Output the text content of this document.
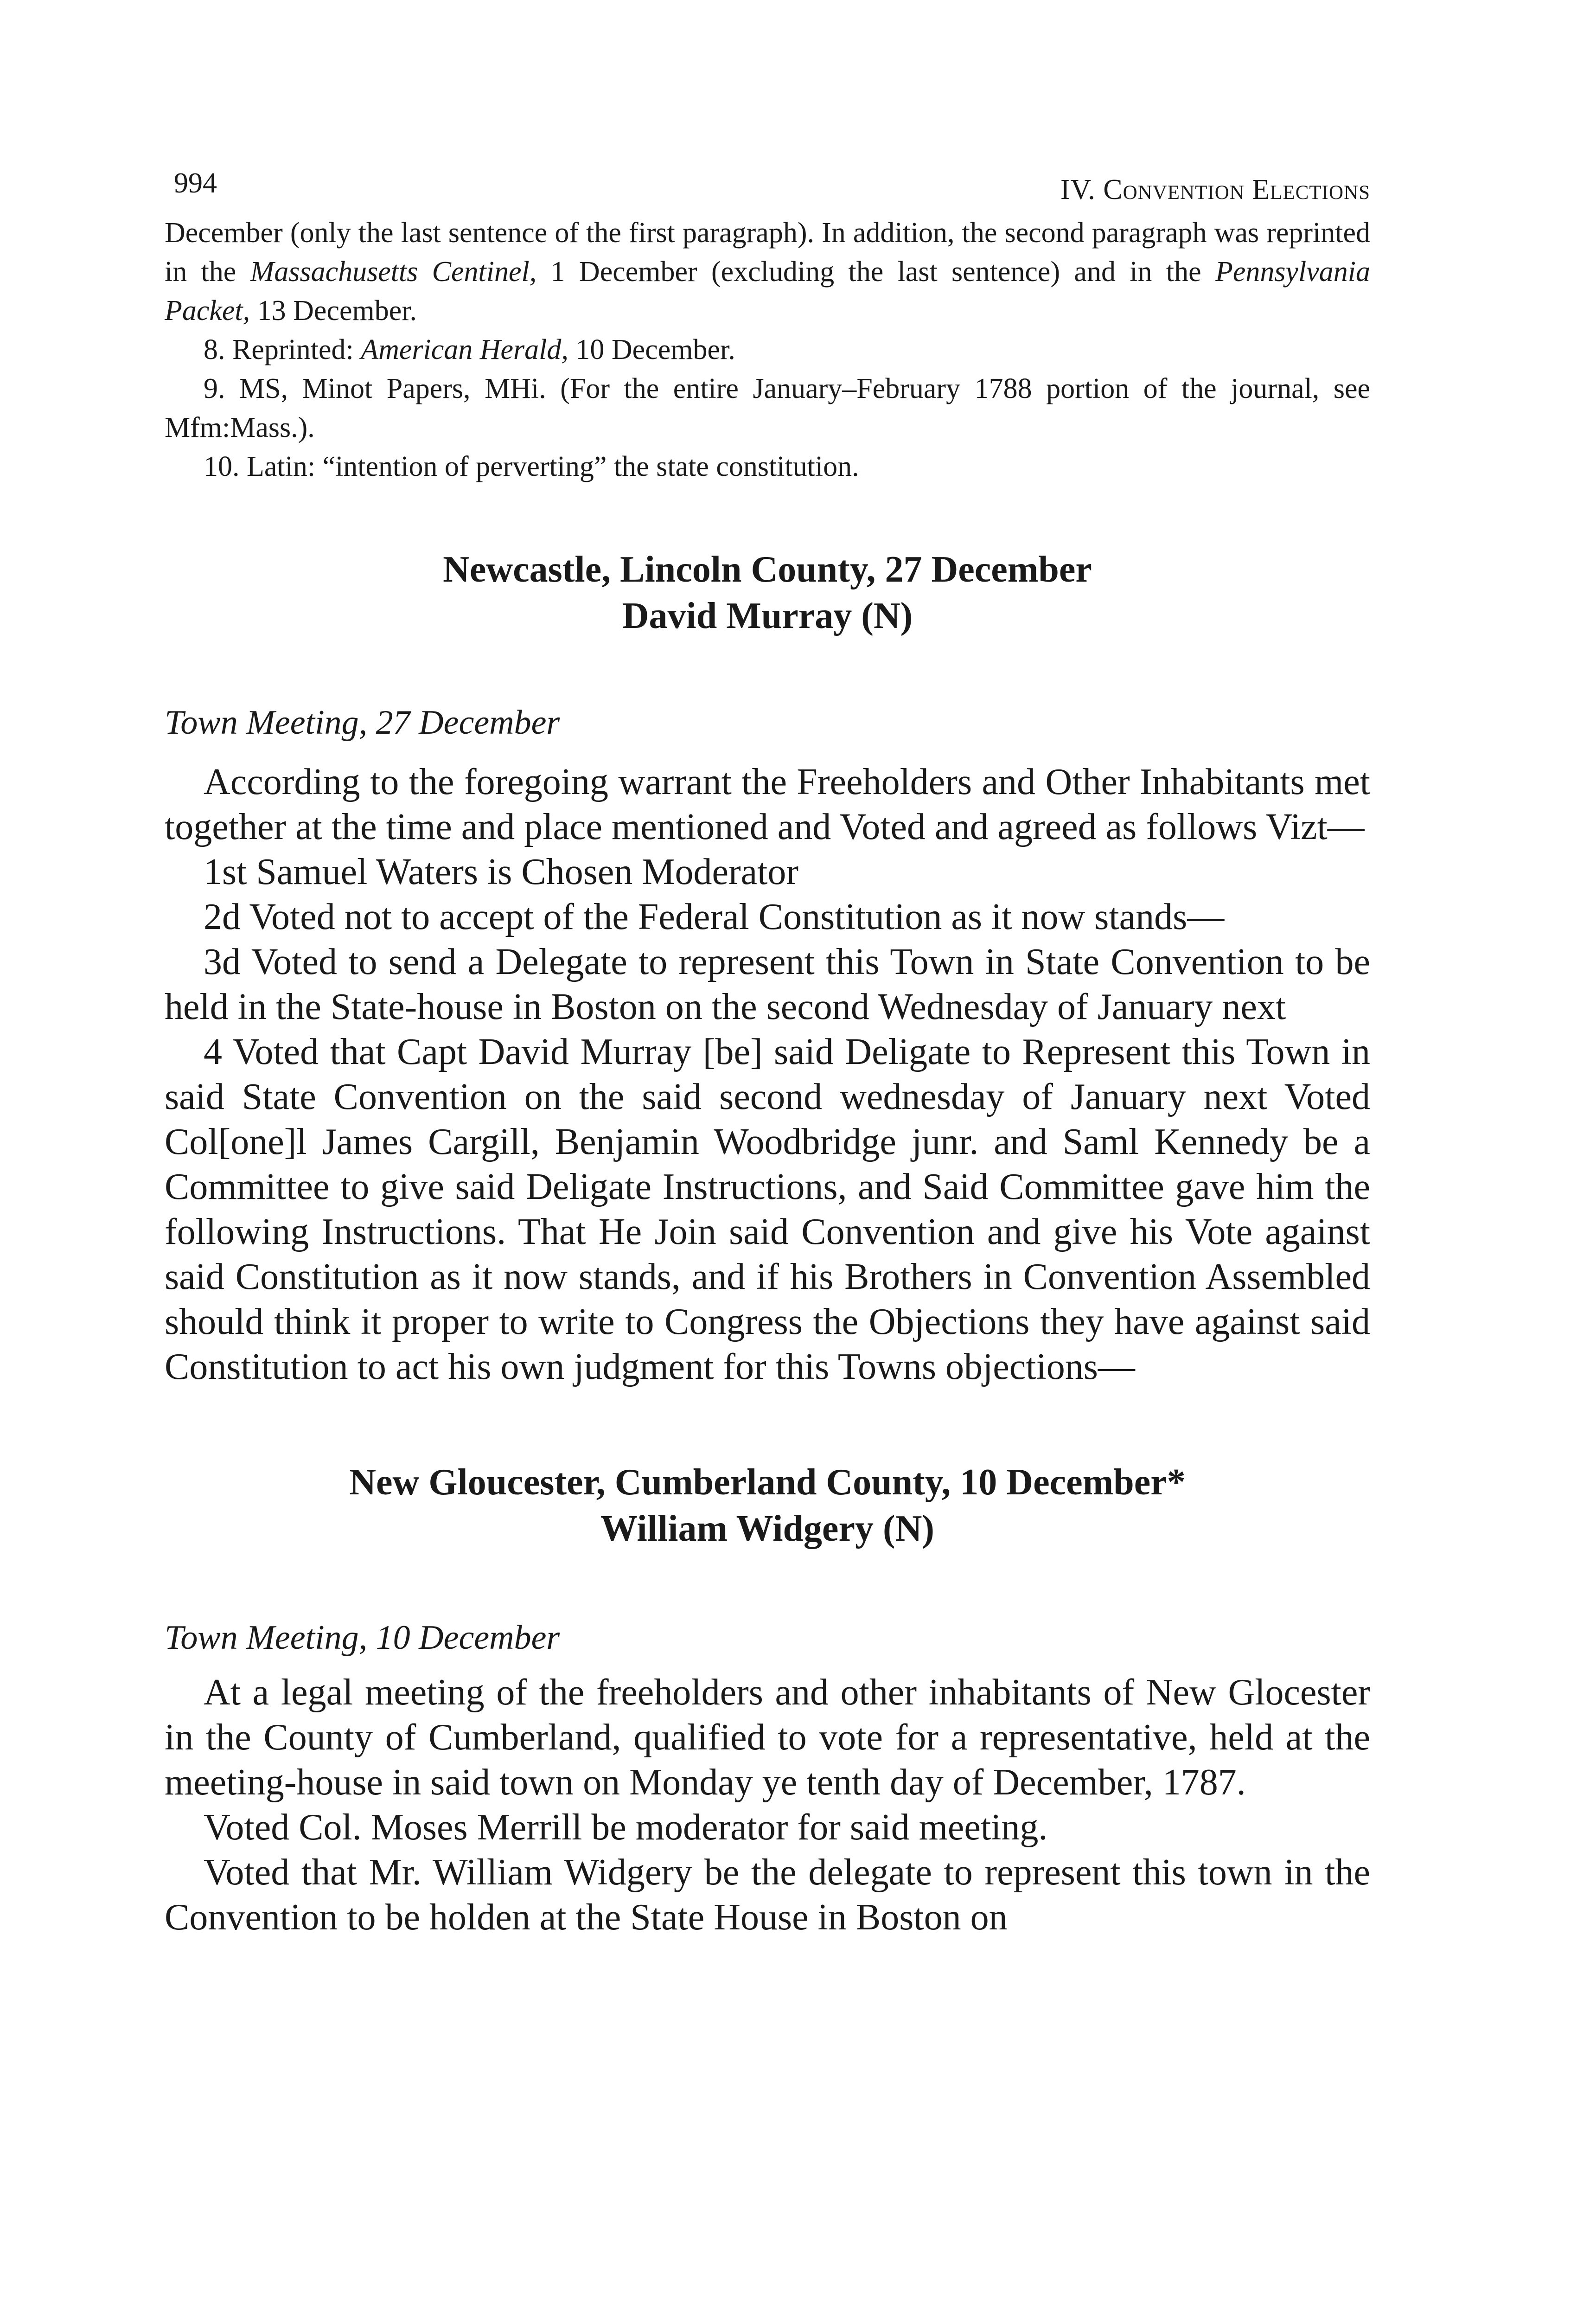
994	IV. Convention Elections

December (only the last sentence of the first paragraph). In addition, the second paragraph was reprinted in the Massachusetts Centinel, 1 December (excluding the last sentence) and in the Pennsylvania Packet, 13 December.

8. Reprinted: American Herald, 10 December.

9. MS, Minot Papers, MHi. (For the entire January–February 1788 portion of the journal, see Mfm:Mass.).

10. Latin: “intention of perverting” the state constitution.

Newcastle, Lincoln County, 27 December
David Murray (N)
Town Meeting, 27 December

According to the foregoing warrant the Freeholders and Other Inhabitants met together at the time and place mentioned and Voted and agreed as follows Vizt—

1st Samuel Waters is Chosen Moderator

2d Voted not to accept of the Federal Constitution as it now stands—

3d Voted to send a Delegate to represent this Town in State Convention to be held in the State-house in Boston on the second Wednesday of January next

4 Voted that Capt David Murray [be] said Deligate to Represent this Town in said State Convention on the said second wednesday of January next Voted Col[one]l James Cargill, Benjamin Woodbridge junr. and Saml Kennedy be a Committee to give said Deligate Instructions, and Said Committee gave him the following Instructions. That He Join said Convention and give his Vote against said Constitution as it now stands, and if his Brothers in Convention Assembled should think it proper to write to Congress the Objections they have against said Constitution to act his own judgment for this Towns objections—

New Gloucester, Cumberland County, 10 December*
William Widgery (N)
Town Meeting, 10 December

At a legal meeting of the freeholders and other inhabitants of New Glocester in the County of Cumberland, qualified to vote for a representative, held at the meeting-house in said town on Monday ye tenth day of December, 1787.

Voted Col. Moses Merrill be moderator for said meeting.

Voted that Mr. William Widgery be the delegate to represent this town in the Convention to be holden at the State House in Boston on
